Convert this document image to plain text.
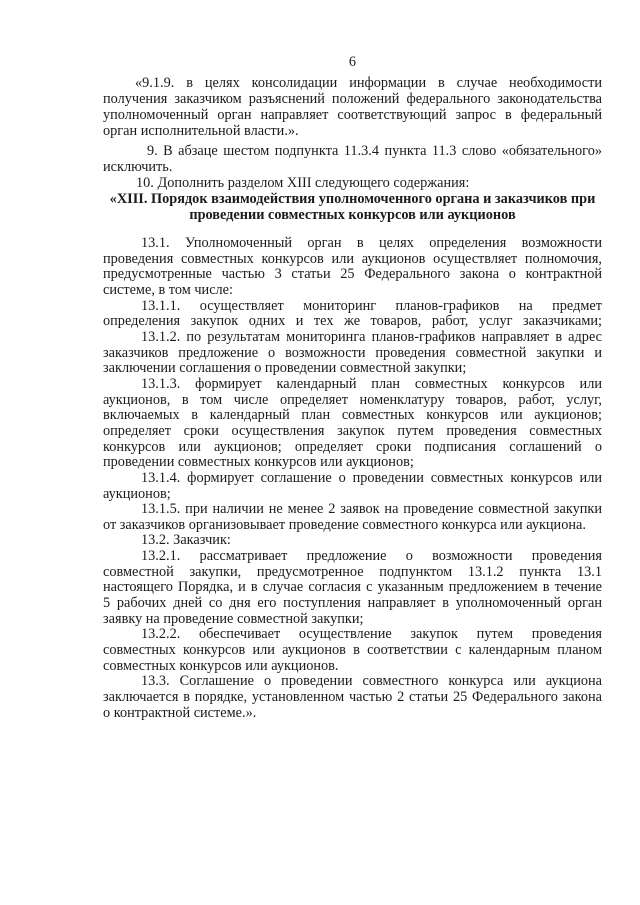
6
«9.1.9. в целях консолидации информации в случае необходимости
получения заказчиком разъяснений положений федерального законодательства
уполномоченный орган направляет соответствующий запрос в федеральный
орган исполнительной власти.».
9. В абзаце шестом подпункта 11.3.4 пункта 11.3 слово «обязательного»
исключить.
10. Дополнить разделом XIII следующего содержания:
«XIII. Порядок взаимодействия уполномоченного органа и заказчиков при
проведении совместных конкурсов или аукционов
13.1. Уполномоченный орган в целях определения возможности
проведения совместных конкурсов или аукционов осуществляет полномочия,
предусмотренные частью 3 статьи 25 Федерального закона о контрактной
системе, в том числе:
13.1.1. осуществляет мониторинг планов-графиков на предмет
определения закупок одних и тех же товаров, работ, услуг заказчиками;
13.1.2. по результатам мониторинга планов-графиков направляет в адрес
заказчиков предложение о возможности проведения совместной закупки и
заключении соглашения о проведении совместной закупки;
13.1.3. формирует календарный план совместных конкурсов или
аукционов, в том числе определяет номенклатуру товаров, работ, услуг,
включаемых в календарный план совместных конкурсов или аукционов;
определяет сроки осуществления закупок путем проведения совместных
конкурсов или аукционов; определяет сроки подписания соглашений о
проведении совместных конкурсов или аукционов;
13.1.4. формирует соглашение о проведении совместных конкурсов или
аукционов;
13.1.5. при наличии не менее 2 заявок на проведение совместной закупки
от заказчиков организовывает проведение совместного конкурса или аукциона.
13.2. Заказчик:
13.2.1. рассматривает предложение о возможности проведения
совместной закупки, предусмотренное подпунктом 13.1.2 пункта 13.1
настоящего Порядка, и в случае согласия с указанным предложением в течение
5 рабочих дней со дня его поступления направляет в уполномоченный орган
заявку на проведение совместной закупки;
13.2.2. обеспечивает осуществление закупок путем проведения
совместных конкурсов или аукционов в соответствии с календарным планом
совместных конкурсов или аукционов.
13.3. Соглашение о проведении совместного конкурса или аукциона
заключается в порядке, установленном частью 2 статьи 25 Федерального закона
о контрактной системе.».
